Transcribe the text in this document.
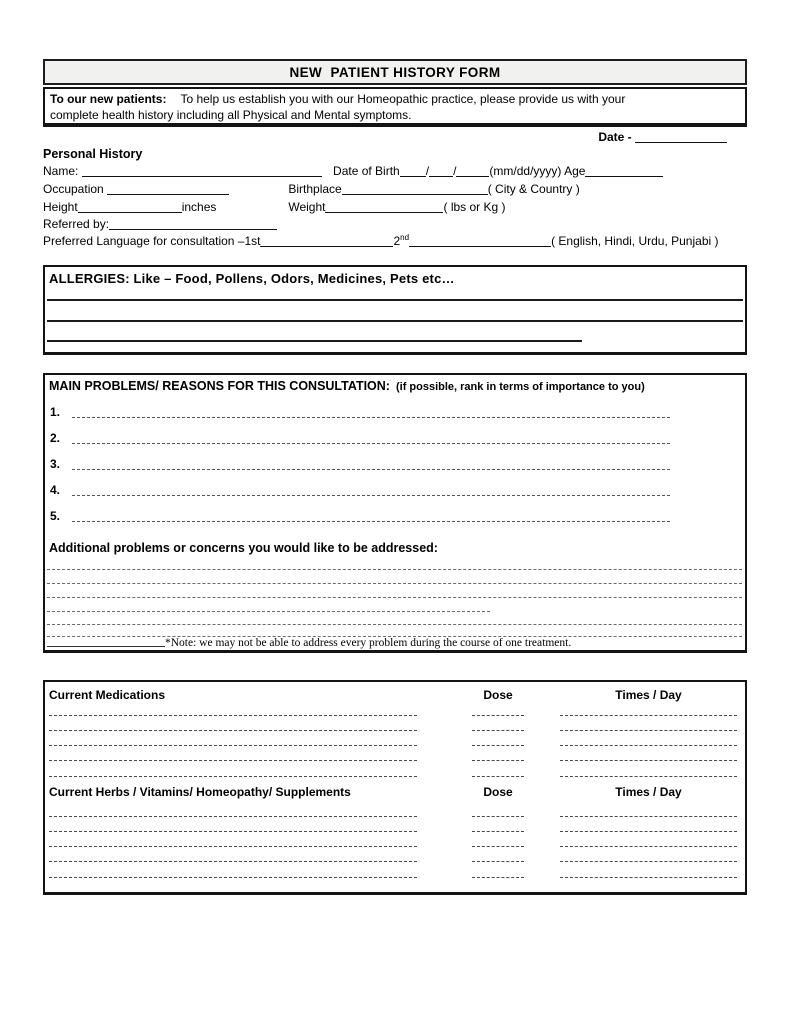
NEW  PATIENT HISTORY FORM
To our new patients: To help us establish you with our Homeopathic practice, please provide us with your
complete health history including all Physical and Mental symptoms.
Date -
Personal History
Name:	Date of Birth / /	(mm/dd/yyyy) Age
Occupation	Birthplace	( City & Country )
Height	inches	Weight	( lbs or Kg )
Referred by:
Preferred Language for consultation –1st	2nd	( English, Hindi, Urdu, Punjabi )
ALLERGIES: Like – Food, Pollens, Odors, Medicines, Pets etc…
MAIN PROBLEMS/ REASONS FOR THIS CONSULTATION: (if possible, rank in terms of importance to you)
1.
2.
3.
4.
5.
Additional problems or concerns you would like to be addressed:
*Note: we may not be able to address every problem during the course of one treatment.
Current Medications	Dose	Times / Day
Current Herbs / Vitamins/ Homeopathy/ Supplements	Dose	Times / Day
